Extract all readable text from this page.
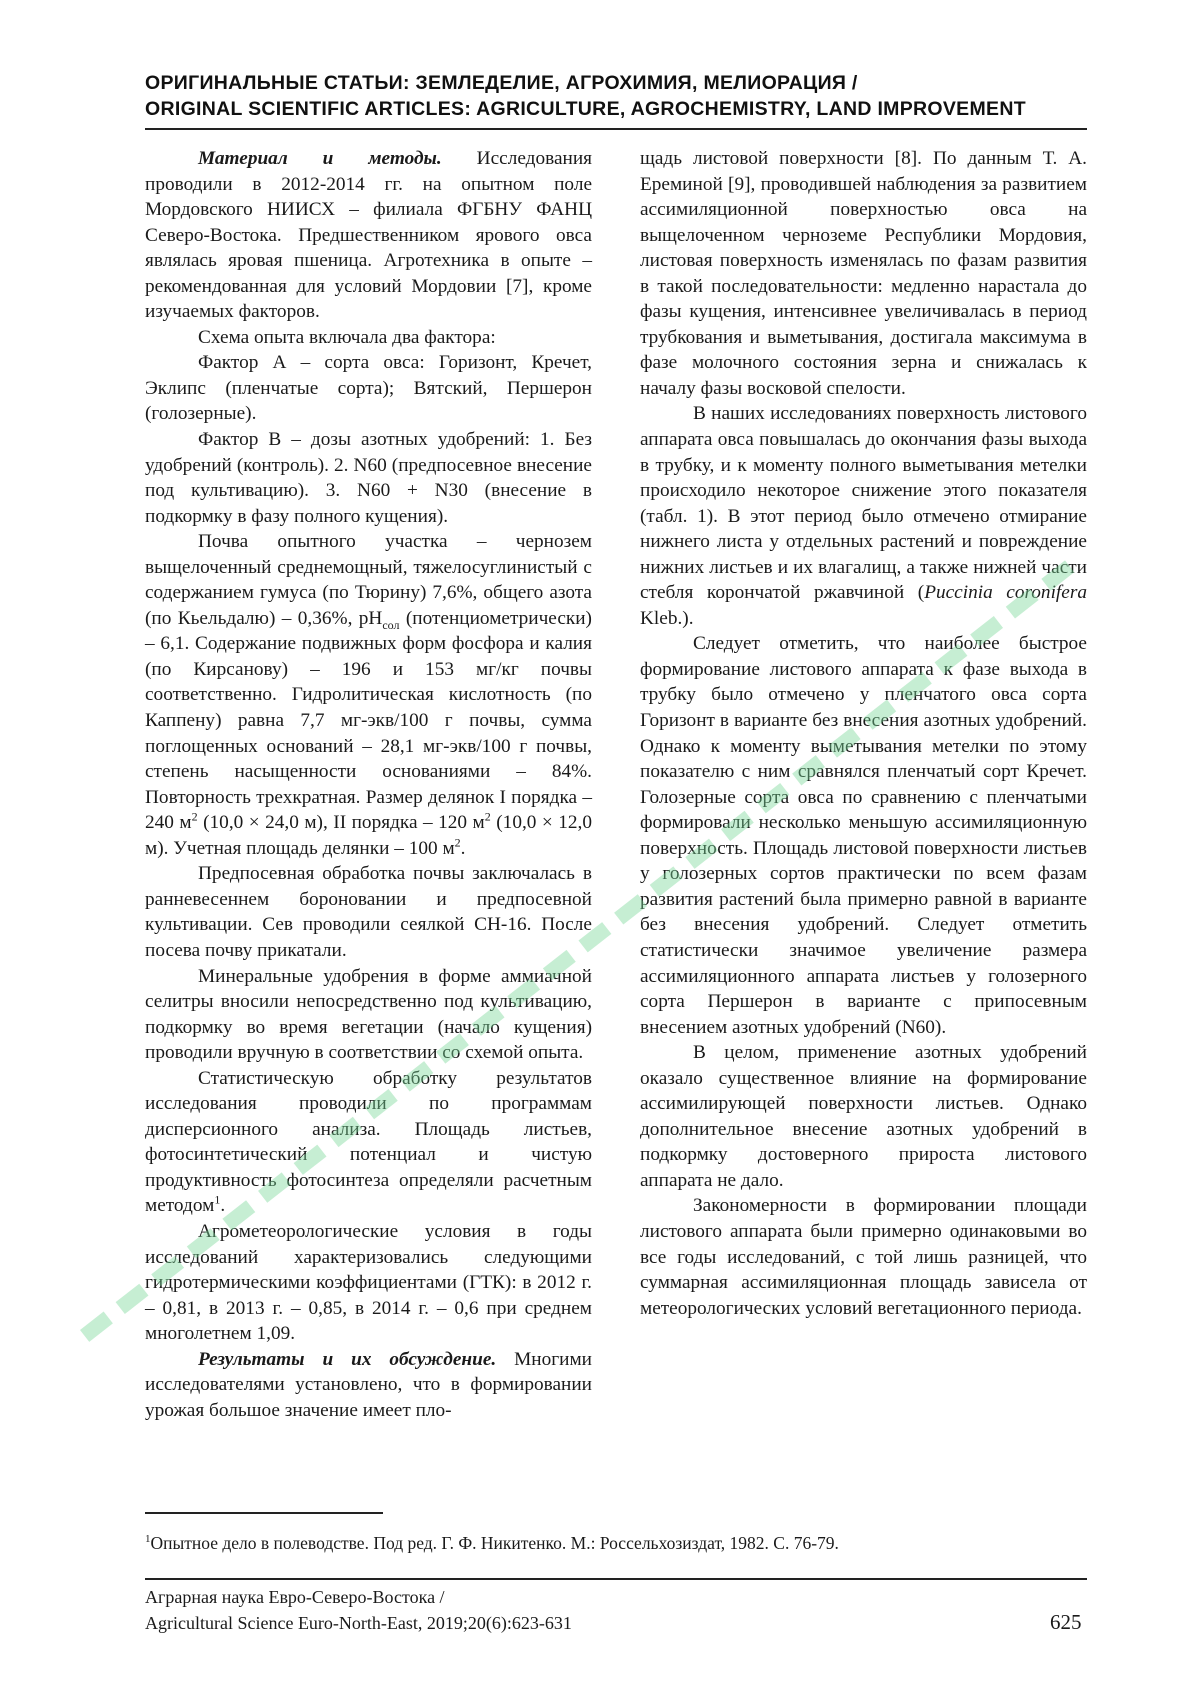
ОРИГИНАЛЬНЫЕ СТАТЬИ: ЗЕМЛЕДЕЛИЕ, АГРОХИМИЯ, МЕЛИОРАЦИЯ /
ORIGINAL SCIENTIFIC ARTICLES: AGRICULTURE, AGROCHEMISTRY, LAND IMPROVEMENT

Материал и методы. Исследования проводили в 2012-2014 гг. на опытном поле Мордовского НИИСХ – филиала ФГБНУ ФАНЦ Северо-Востока. Предшественником ярового овса являлась яровая пшеница. Агротехника в опыте – рекомендованная для условий Мордовии [7], кроме изучаемых факторов.

Схема опыта включала два фактора:

Фактор А – сорта овса: Горизонт, Кречет, Эклипс (пленчатые сорта); Вятский, Першерон (голозерные).

Фактор В – дозы азотных удобрений: 1. Без удобрений (контроль). 2. N60 (предпосевное внесение под культивацию). 3. N60 + N30 (внесение в подкормку в фазу полного кущения).

Почва опытного участка – чернозем выщелоченный среднемощный, тяжелосуглинистый с содержанием гумуса (по Тюрину) 7,6%, общего азота (по Кьельдалю) – 0,36%, $pH_{сол}$ (потенциометрически) – 6,1. Содержание подвижных форм фосфора и калия (по Кирсанову) – 196 и 153 мг/кг почвы соответственно. Гидролитическая кислотность (по Каппену) равна 7,7 мг-экв/100 г почвы, сумма поглощенных оснований – 28,1 мг-экв/100 г почвы, степень насыщенности основаниями – 84%. Повторность трехкратная. Размер делянок I порядка – 240 $м^2$ (10,0 × 24,0 м), II порядка – 120 $м^2$ (10,0 × 12,0 м). Учетная площадь делянки – 100 $м^2$.

Предпосевная обработка почвы заключалась в ранневесеннем бороновании и предпосевной культивации. Сев проводили сеялкой СН-16. После посева почву прикатали.

Минеральные удобрения в форме аммиачной селитры вносили непосредственно под культивацию, подкормку во время вегетации (начало кущения) проводили вручную в соответствии со схемой опыта.

Статистическую обработку результатов исследования проводили по программам дисперсионного анализа. Площадь листьев, фотосинтетический потенциал и чистую продуктивность фотосинтеза определяли расчетным методом$^1$.

Агрометеорологические условия в годы исследований характеризовались следующими гидротермическими коэффициентами (ГТК): в 2012 г. – 0,81, в 2013 г. – 0,85, в 2014 г. – 0,6 при среднем многолетнем 1,09.

Результаты и их обсуждение. Многими исследователями установлено, что в формировании урожая большое значение имеет пло-

щадь листовой поверхности [8]. По данным Т. А. Ереминой [9], проводившей наблюдения за развитием ассимиляционной поверхностью овса на выщелоченном черноземе Республики Мордовия, листовая поверхность изменялась по фазам развития в такой последовательности: медленно нарастала до фазы кущения, интенсивнее увеличивалась в период трубкования и выметывания, достигала максимума в фазе молочного состояния зерна и снижалась к началу фазы восковой спелости.

В наших исследованиях поверхность листового аппарата овса повышалась до окончания фазы выхода в трубку, и к моменту полного выметывания метелки происходило некоторое снижение этого показателя (табл. 1). В этот период было отмечено отмирание нижнего листа у отдельных растений и повреждение нижних листьев и их влагалищ, а также нижней части стебля корончатой ржавчиной (Puccinia coronifera Kleb.).

Следует отметить, что наиболее быстрое формирование листового аппарата к фазе выхода в трубку было отмечено у пленчатого овса сорта Горизонт в варианте без внесения азотных удобрений. Однако к моменту выметывания метелки по этому показателю с ним сравнялся пленчатый сорт Кречет. Голозерные сорта овса по сравнению с пленчатыми формировали несколько меньшую ассимиляционную поверхность. Площадь листовой поверхности листьев у голозерных сортов практически по всем фазам развития растений была примерно равной в варианте без внесения удобрений. Следует отметить статистически значимое увеличение размера ассимиляционного аппарата листьев у голозерного сорта Першерон в варианте с припосевным внесением азотных удобрений (N60).

В целом, применение азотных удобрений оказало существенное влияние на формирование ассимилирующей поверхности листьев. Однако дополнительное внесение азотных удобрений в подкормку достоверного прироста листового аппарата не дало.

Закономерности в формировании площади листового аппарата были примерно одинаковыми во все годы исследований, с той лишь разницей, что суммарная ассимиляционная площадь зависела от метеорологических условий вегетационного периода.

$^1$Опытное дело в полеводстве. Под ред. Г. Ф. Никитенко. М.: Россельхозиздат, 1982. С. 76-79.
Аграрная наука Евро-Северо-Востока /
Agricultural Science Euro-North-East, 2019;20(6):623-631	625
